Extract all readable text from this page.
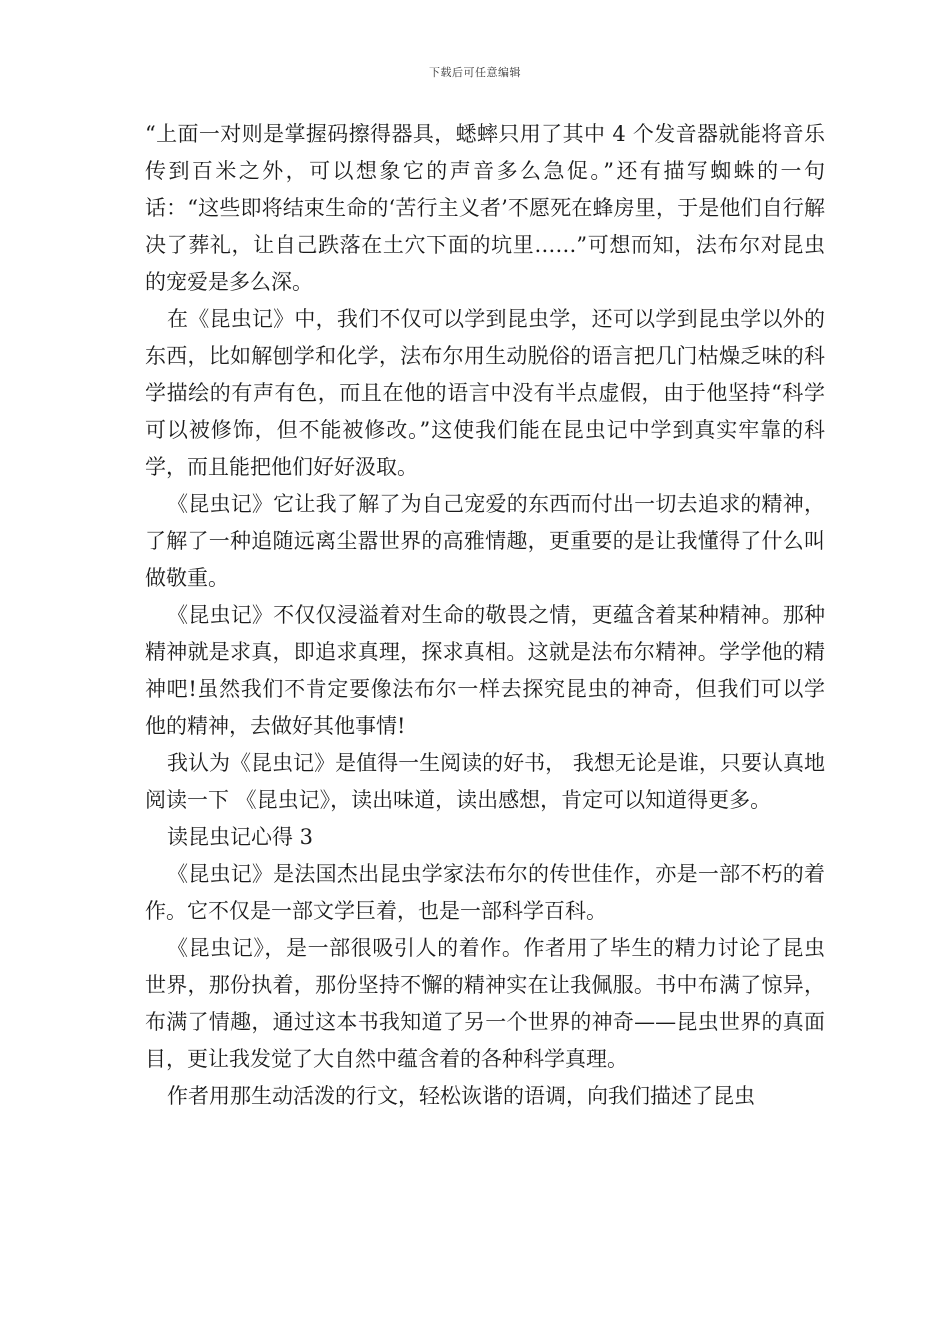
下载后可任意编辑

“上面一对则是掌握码擦得器具，蟋蟀只用了其中 4 个发音器就能将音乐传到百米之外，可以想象它的声音多么急促。”还有描写蜘蛛的一句话：“这些即将结束生命的‘苦行主义者’不愿死在蜂房里，于是他们自行解决了葬礼，让自己跌落在土穴下面的坑里……”可想而知，法布尔对昆虫的宠爱是多么深。

在《昆虫记》中，我们不仅可以学到昆虫学，还可以学到昆虫学以外的东西，比如解刨学和化学，法布尔用生动脱俗的语言把几门枯燥乏味的科学描绘的有声有色，而且在他的语言中没有半点虚假，由于他坚持“科学可以被修饰，但不能被修改。”这使我们能在昆虫记中学到真实牢靠的科学，而且能把他们好好汲取。

《昆虫记》它让我了解了为自己宠爱的东西而付出一切去追求的精神，了解了一种追随远离尘嚣世界的高雅情趣，更重要的是让我懂得了什么叫做敬重。

《昆虫记》不仅仅浸溢着对生命的敬畏之情，更蕴含着某种精神。那种精神就是求真，即追求真理，探求真相。这就是法布尔精神。学学他的精神吧!虽然我们不肯定要像法布尔一样去探究昆虫的神奇，但我们可以学他的精神，去做好其他事情!

我认为《昆虫记》是值得一生阅读的好书， 我想无论是谁，只要认真地阅读一下 《昆虫记》，读出味道，读出感想，肯定可以知道得更多。

读昆虫记心得 3

《昆虫记》是法国杰出昆虫学家法布尔的传世佳作，亦是一部不朽的着作。它不仅是一部文学巨着，也是一部科学百科。

《昆虫记》，是一部很吸引人的着作。作者用了毕生的精力讨论了昆虫世界，那份执着，那份坚持不懈的精神实在让我佩服。书中布满了惊异，布满了情趣，通过这本书我知道了另一个世界的神奇——昆虫世界的真面目，更让我发觉了大自然中蕴含着的各种科学真理。

作者用那生动活泼的行文，轻松诙谐的语调，向我们描述了昆虫
